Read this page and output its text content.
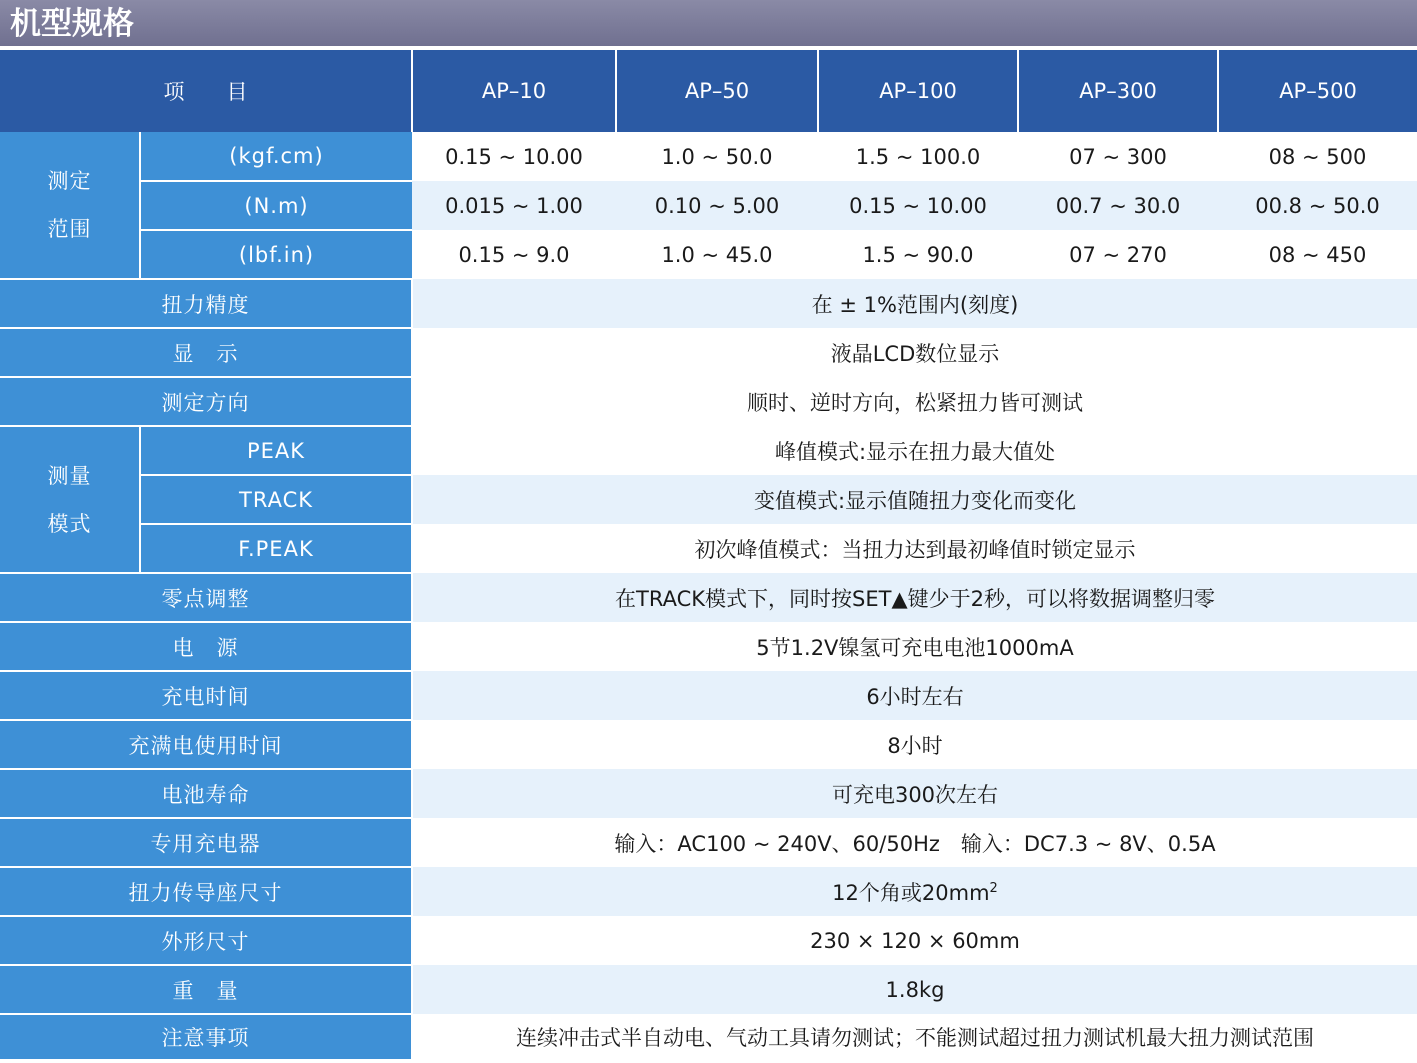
机型规格
项　　目		AP–10	AP–50	AP–100	AP–300	AP–500

测定
范围	(kgf.cm)	0.15 ~ 10.00	1.0 ~ 50.0	1.5 ~ 100.0	07 ~ 300	08 ~ 500
	(N.m)	0.015 ~ 1.00	0.10 ~ 5.00	0.15 ~ 10.00	00.7 ~ 30.0	00.8 ~ 50.0
	(lbf.in)	0.15 ~ 9.0	1.0 ~ 45.0	1.5 ~ 90.0	07 ~ 270	08 ~ 450
扭力精度		在 ± 1%范围内(刻度)				
显　示		液晶LCD数位显示				
测定方向		顺时、逆时方向，松紧扭力皆可测试				

测量
模式	PEAK	峰值模式:显示在扭力最大值处				
	TRACK	变值模式:显示值随扭力变化而变化				
	F.PEAK	初次峰值模式：当扭力达到最初峰值时锁定显示				
零点调整		在TRACK模式下，同时按SET▲键少于2秒，可以将数据调整归零				
电　源		5节1.2V镍氢可充电电池1000mA				
充电时间		6小时左右				
充满电使用时间		8小时				
电池寿命		可充电300次左右				
专用充电器		输入：AC100 ~ 240V、60/50Hz　输入：DC7.3 ~ 8V、0.5A				
扭力传导座尺寸		12个角或$20mm^2$
外形尺寸		230 × 120 × 60mm				
重　量		1.8kg				
注意事项		连续冲击式半自动电、气动工具请勿测试；不能测试超过扭力测试机最大扭力测试范围				
